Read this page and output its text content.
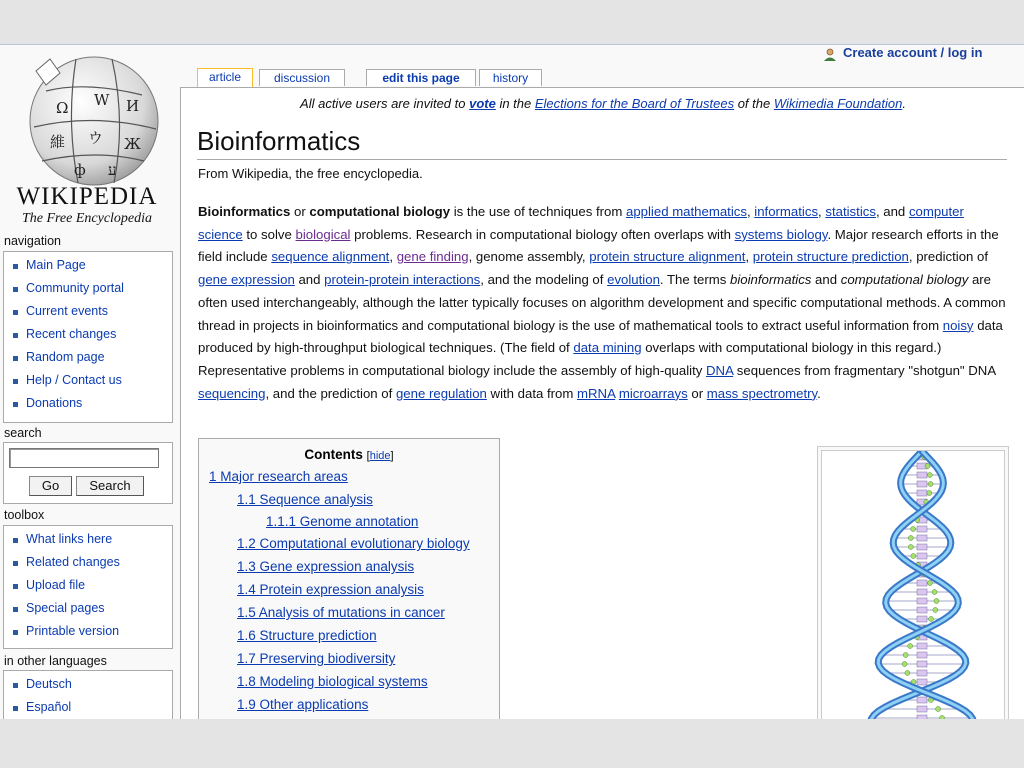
Ω W И
維 ウ Ж
ф ע
WIKIPEDIA
The Free Encyclopedia
navigation
Main Page
Community portal
Current events
Recent changes
Random page
Help / Contact us
Donations
search
Go	Search
toolbox
What links here
Related changes
Upload file
Special pages
Printable version
in other languages
Deutsch
Español
Create account / log in
article	discussion	edit this page	history
All active users are invited to vote in the Elections for the Board of Trustees of the Wikimedia Foundation.
Bioinformatics
From Wikipedia, the free encyclopedia.
Bioinformatics or computational biology is the use of techniques from applied mathematics, informatics, statistics, and computer science to solve biological problems. Research in computational biology often overlaps with systems biology. Major research efforts in the field include sequence alignment, gene finding, genome assembly, protein structure alignment, protein structure prediction, prediction of gene expression and protein-protein interactions, and the modeling of evolution. The terms bioinformatics and computational biology are often used interchangeably, although the latter typically focuses on algorithm development and specific computational methods. A common thread in projects in bioinformatics and computational biology is the use of mathematical tools to extract useful information from noisy data produced by high-throughput biological techniques. (The field of data mining overlaps with computational biology in this regard.) Representative problems in computational biology include the assembly of high-quality DNA sequences from fragmentary "shotgun" DNA sequencing, and the prediction of gene regulation with data from mRNA microarrays or mass spectrometry.
Contents [hide]
1 Major research areas
1.1 Sequence analysis
1.1.1 Genome annotation
1.2 Computational evolutionary biology
1.3 Gene expression analysis
1.4 Protein expression analysis
1.5 Analysis of mutations in cancer
1.6 Structure prediction
1.7 Preserving biodiversity
1.8 Modeling biological systems
1.9 Other applications
